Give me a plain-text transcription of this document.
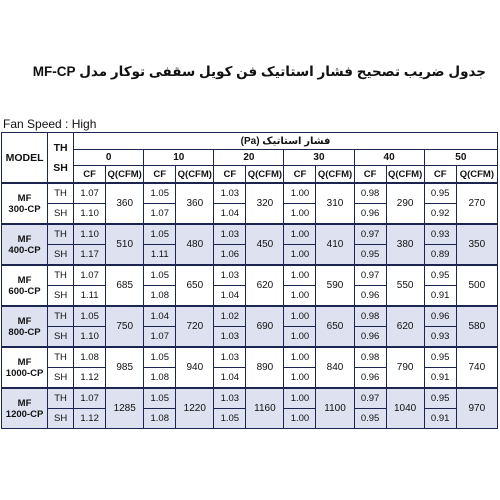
جدول ضریب تصحیح فشار استاتیک فن کویل سقفی توکار مدل MF-CP
Fan Speed : High
MODEL	TH
SH	فشار استاتیک (Pa)											
		0		10		20		30		40		50	
		CF	Q(CFM)	CF	Q(CFM)	CF	Q(CFM)	CF	Q(CFM)	CF	Q(CFM)	CF	Q(CFM)

MF
300-CP	TH	1.07	360	1.05	360	1.03	320	1.00	310	0.98	290	0.95	270
	SH	1.10		1.07		1.04		1.00		0.96		0.92	

MF
400-CP	TH	1.10	510	1.05	480	1.03	450	1.00	410	0.97	380	0.93	350
	SH	1.17		1.11		1.06		1.00		0.95		0.89	

MF
600-CP	TH	1.07	685	1.05	650	1.03	620	1.00	590	0.97	550	0.95	500
	SH	1.11		1.08		1.04		1.00		0.96		0.91	

MF
800-CP	TH	1.05	750	1.04	720	1.02	690	1.00	650	0.98	620	0.96	580
	SH	1.10		1.07		1.03		1.00		0.96		0.93	

MF
1000-CP	TH	1.08	985	1.05	940	1.03	890	1.00	840	0.98	790	0.95	740
	SH	1.12		1.08		1.04		1.00		0.96		0.91	

MF
1200-CP	TH	1.07	1285	1.05	1220	1.03	1160	1.00	1100	0.97	1040	0.95	970
	SH	1.12		1.08		1.05		1.00		0.95		0.91	
